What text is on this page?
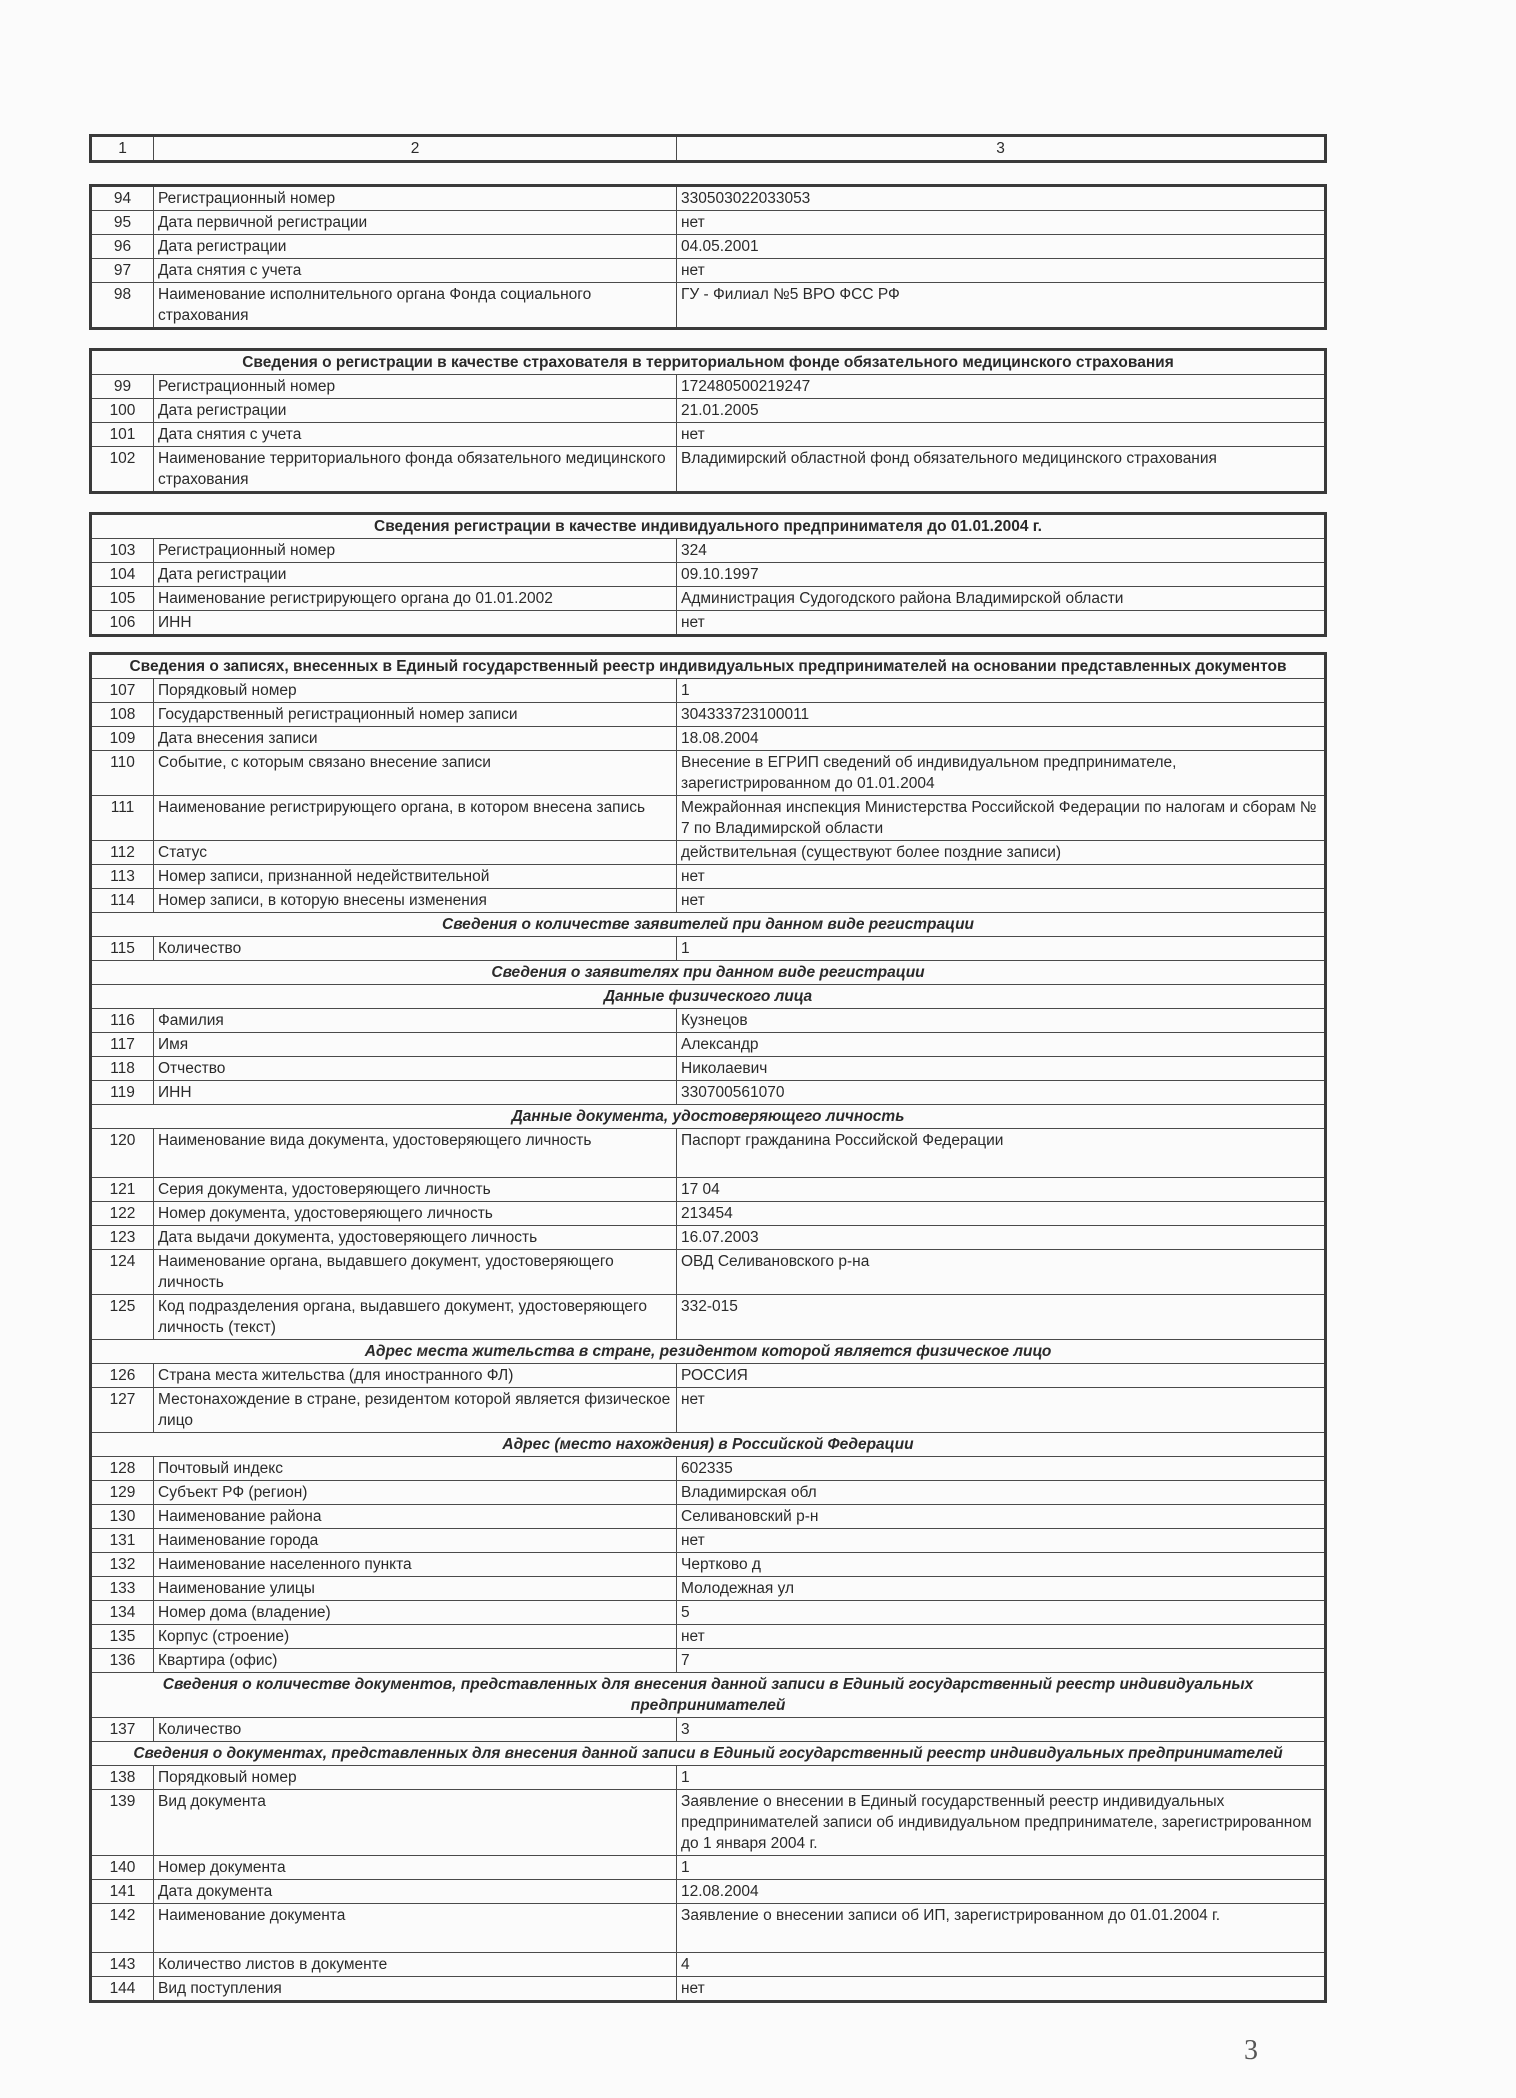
1	2	3
94	Регистрационный номер	330503022033053
95	Дата первичной регистрации	нет
96	Дата регистрации	04.05.2001
97	Дата снятия с учета	нет
98	Наименование исполнительного органа Фонда социального страхования	ГУ - Филиал №5 ВРО ФСС РФ
Сведения о регистрации в качестве страхователя в территориальном фонде обязательного медицинского страхования		
99	Регистрационный номер	172480500219247
100	Дата регистрации	21.01.2005
101	Дата снятия с учета	нет
102	Наименование территориального фонда обязательного медицинского страхования	Владимирский областной фонд обязательного медицинского страхования
Сведения регистрации в качестве индивидуального предпринимателя до 01.01.2004 г.		
103	Регистрационный номер	324
104	Дата регистрации	09.10.1997
105	Наименование регистрирующего органа до 01.01.2002	Администрация Судогодского района Владимирской области
106	ИНН	нет
Сведения о записях, внесенных в Единый государственный реестр индивидуальных предпринимателей на основании представленных документов		
107	Порядковый номер	1
108	Государственный регистрационный номер записи	304333723100011
109	Дата внесения записи	18.08.2004
110	Событие, с которым связано внесение записи	Внесение в ЕГРИП сведений об индивидуальном предпринимателе, зарегистрированном до 01.01.2004
111	Наименование регистрирующего органа, в котором внесена запись	Межрайонная инспекция Министерства Российской Федерации по налогам и сборам № 7 по Владимирской области
112	Статус	действительная (существуют более поздние записи)
113	Номер записи, признанной недействительной	нет
114	Номер записи, в которую внесены изменения	нет
Сведения о количестве заявителей при данном виде регистрации		
115	Количество	1
Сведения о заявителях при данном виде регистрации		
Данные физического лица		
116	Фамилия	Кузнецов
117	Имя	Александр
118	Отчество	Николаевич
119	ИНН	330700561070
Данные документа, удостоверяющего личность		
120	Наименование вида документа, удостоверяющего личность	Паспорт гражданина Российской Федерации
121	Серия документа, удостоверяющего личность	17 04
122	Номер документа, удостоверяющего личность	213454
123	Дата выдачи документа, удостоверяющего личность	16.07.2003
124	Наименование органа, выдавшего документ, удостоверяющего личность	ОВД Селивановского р-на
125	Код подразделения органа, выдавшего документ, удостоверяющего личность (текст)	332-015
Адрес места жительства в стране, резидентом которой является физическое лицо		
126	Страна места жительства (для иностранного ФЛ)	РОССИЯ
127	Местонахождение в стране, резидентом которой является физическое лицо	нет
Адрес (место нахождения) в Российской Федерации		
128	Почтовый индекс	602335
129	Субъект РФ (регион)	Владимирская обл
130	Наименование района	Селивановский р-н
131	Наименование города	нет
132	Наименование населенного пункта	Чертково д
133	Наименование улицы	Молодежная ул
134	Номер дома (владение)	5
135	Корпус (строение)	нет
136	Квартира (офис)	7
Сведения о количестве документов, представленных для внесения данной записи в Единый государственный реестр индивидуальных предпринимателей		
137	Количество	3
Сведения о документах, представленных для внесения данной записи в Единый государственный реестр индивидуальных предпринимателей		
138	Порядковый номер	1
139	Вид документа	Заявление о внесении в Единый государственный реестр индивидуальных предпринимателей записи об индивидуальном предпринимателе, зарегистрированном до 1 января 2004 г.
140	Номер документа	1
141	Дата документа	12.08.2004
142	Наименование документа	Заявление о внесении записи об ИП, зарегистрированном до 01.01.2004 г.
143	Количество листов в документе	4
144	Вид поступления	нет
3
